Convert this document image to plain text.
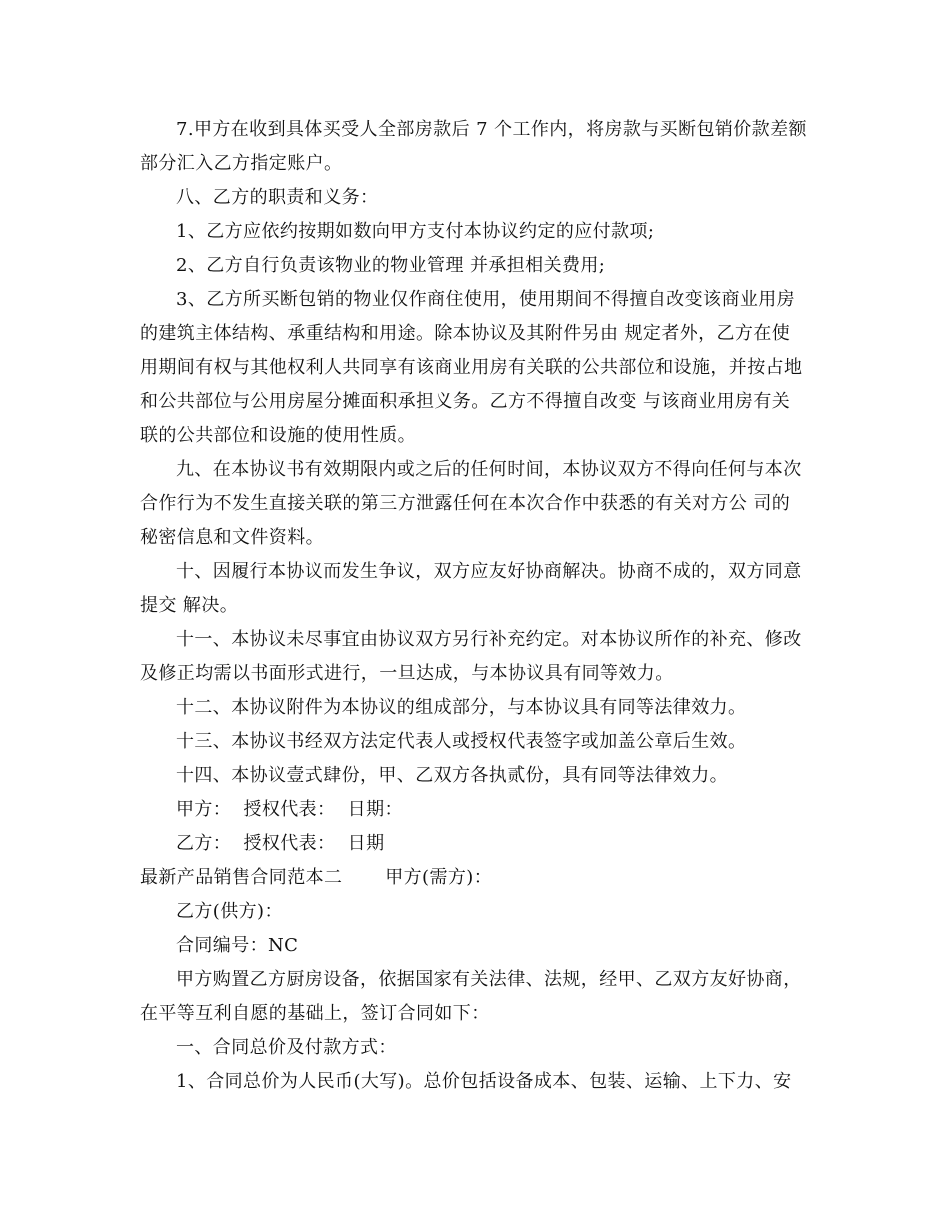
7.甲方在收到具体买受人全部房款后 7 个工作内，将房款与买断包销价款差额
部分汇入乙方指定账户。
八、乙方的职责和义务：
1、乙方应依约按期如数向甲方支付本协议约定的应付款项;
2、乙方自行负责该物业的物业管理 并承担相关费用;
3、乙方所买断包销的物业仅作商住使用，使用期间不得擅自改变该商业用房
的建筑主体结构、承重结构和用途。除本协议及其附件另由 规定者外，乙方在使
用期间有权与其他权利人共同享有该商业用房有关联的公共部位和设施，并按占地
和公共部位与公用房屋分摊面积承担义务。乙方不得擅自改变 与该商业用房有关
联的公共部位和设施的使用性质。
九、在本协议书有效期限内或之后的任何时间，本协议双方不得向任何与本次
合作行为不发生直接关联的第三方泄露任何在本次合作中获悉的有关对方公 司的
秘密信息和文件资料。
十、因履行本协议而发生争议，双方应友好协商解决。协商不成的，双方同意
提交 解决。
十一、本协议未尽事宜由协议双方另行补充约定。对本协议所作的补充、修改
及修正均需以书面形式进行，一旦达成，与本协议具有同等效力。
十二、本协议附件为本协议的组成部分，与本协议具有同等法律效力。
十三、本协议书经双方法定代表人或授权代表签字或加盖公章后生效。
十四、本协议壹式肆份，甲、乙双方各执贰份，具有同等法律效力。
甲方：  授权代表：  日期：
乙方：  授权代表：  日期
最新产品销售合同范本二       甲方(需方)：
乙方(供方)：
合同编号：NC
甲方购置乙方厨房设备，依据国家有关法律、法规，经甲、乙双方友好协商，
在平等互利自愿的基础上，签订合同如下：
一、合同总价及付款方式：
1、合同总价为人民币(大写)。总价包括设备成本、包装、运输、上下力、安
